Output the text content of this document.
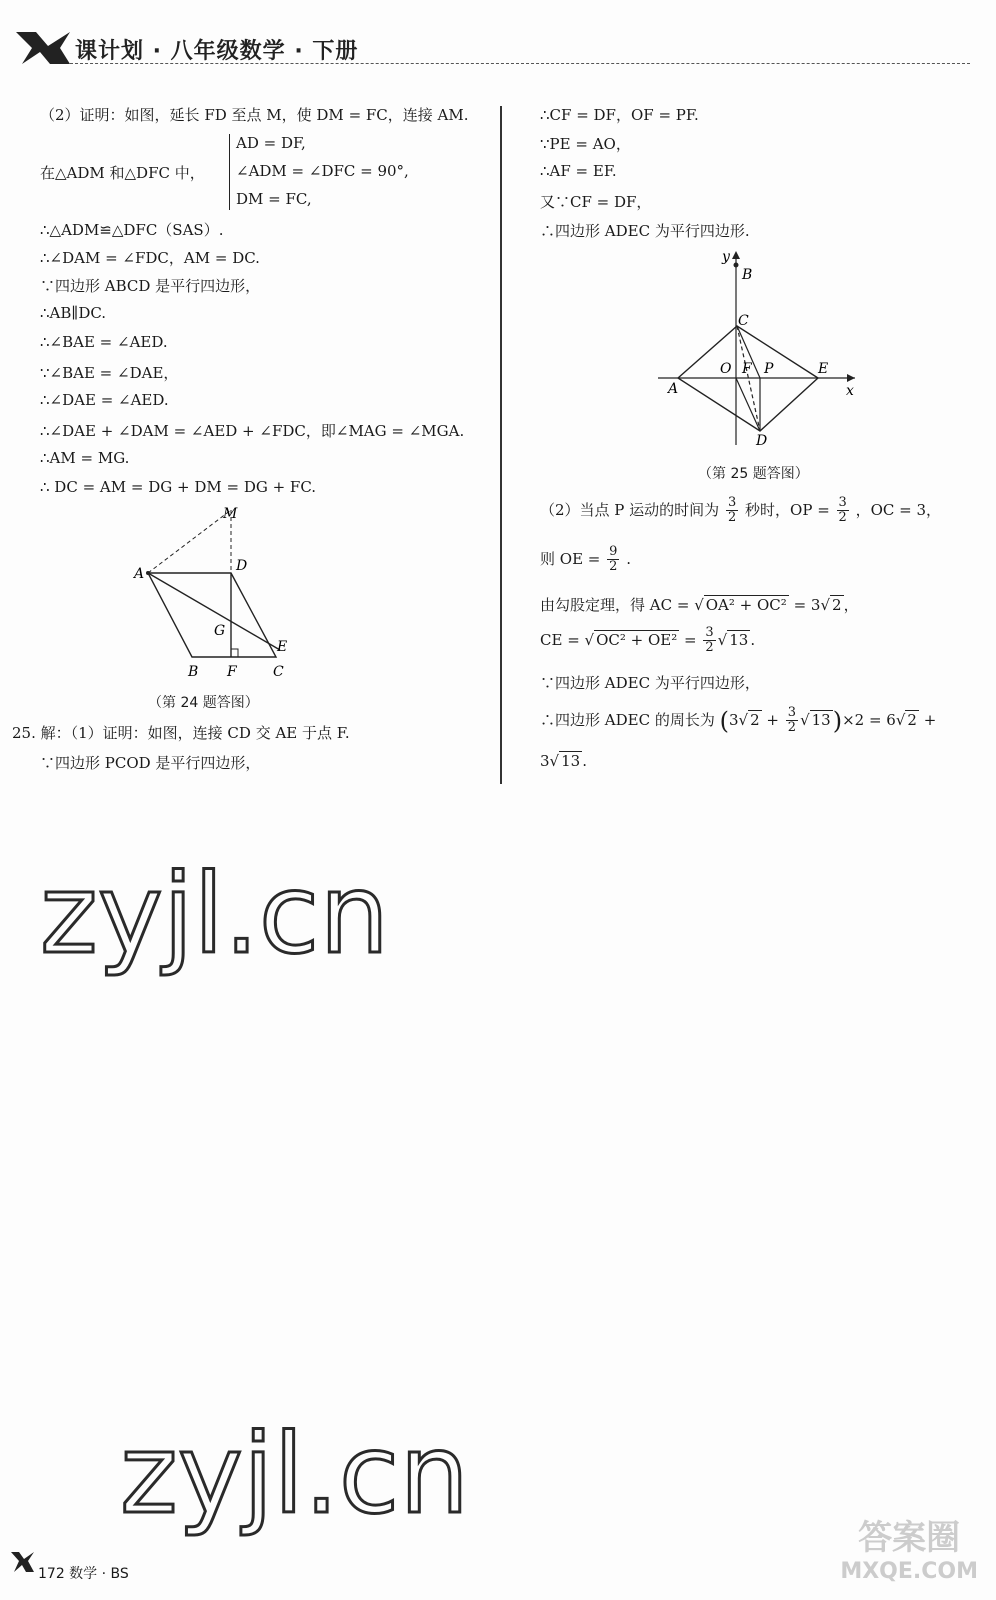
课计划 · 八年级数学 · 下册
（2）证明：如图，延长 FD 至点 M，使 DM = FC，连接 AM.
在△ADM 和△DFC 中，
AD = DF,
∠ADM = ∠DFC = 90°,
DM = FC,
∴△ADM≌△DFC（SAS）.
∴∠DAM = ∠FDC，AM = DC.
∵四边形 ABCD 是平行四边形，
∴AB∥DC.
∴∠BAE = ∠AED.
∵∠BAE = ∠DAE，
∴∠DAE = ∠AED.
∴∠DAE + ∠DAM = ∠AED + ∠FDC，即∠MAG = ∠MGA.
∴AM = MG.
∴ DC = AM = DG + DM = DG + FC.
M
A	D
G
E
B F	C
（第 24 题答图）
25. 解：（1）证明：如图，连接 CD 交 AE 于点 F.
∵四边形 PCOD 是平行四边形，
∴CF = DF，OF = PF.
∵PE = AO，
∴AF = EF.
又∵CF = DF，
∴四边形 ADEC 为平行四边形.
y
B
C
O F P
A
E
x
D
（第 25 题答图）
（2）当点 P 运动的时间为 $\frac{3}{2}$ 秒时，OP = $\frac{3}{2}$ ，OC = 3，
则 OE = $\frac{9}{2}$ .
由勾股定理，得 AC = √ OA² + OC² = 3√ 2 ，
CE = √ $OC^2 + OE^2 = \frac{3}{2}$ √ 13 .
∵四边形 ADEC 为平行四边形，
∴四边形 ADEC 的周长为 (3√ $2 + \frac{3}{2}$ √ 13)×2 = 6√ 2 +
3√ 13 .
zyjl.cn
zyjl.cn	答案圈
MXQE.COM
172 数学 · BS
